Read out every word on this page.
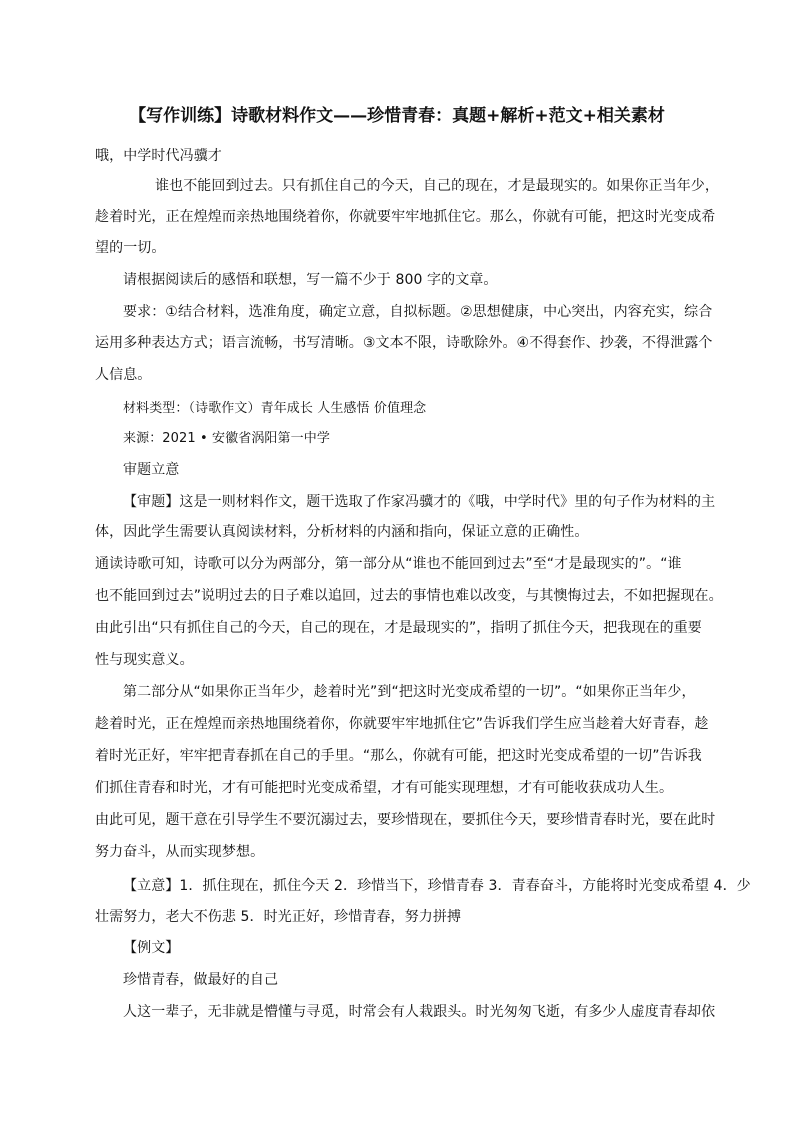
【写作训练】诗歌材料作文——珍惜青春：真题+解析+范文+相关素材
哦，中学时代冯骥才
谁也不能回到过去。只有抓住自己的今天，自己的现在，才是最现实的。如果你正当年少，
趁着时光，正在煌煌而亲热地围绕着你，你就要牢牢地抓住它。那么，你就有可能，把这时光变成希
望的一切。
请根据阅读后的感悟和联想，写一篇不少于 800 字的文章。
要求：①结合材料，选准角度，确定立意，自拟标题。②思想健康，中心突出，内容充实，综合
运用多种表达方式；语言流畅，书写清晰。③文本不限，诗歌除外。④不得套作、抄袭，不得泄露个
人信息。
材料类型：（诗歌作文）青年成长 人生感悟 价值理念
来源：2021 • 安徽省涡阳第一中学
审题立意
【审题】这是一则材料作文，题干选取了作家冯骥才的《哦，中学时代》里的句子作为材料的主
体，因此学生需要认真阅读材料，分析材料的内涵和指向，保证立意的正确性。
通读诗歌可知，诗歌可以分为两部分，第一部分从“谁也不能回到过去”至“才是最现实的”。“谁
也不能回到过去”说明过去的日子难以追回，过去的事情也难以改变，与其懊悔过去，不如把握现在。
由此引出“只有抓住自己的今天，自己的现在，才是最现实的”，指明了抓住今天，把我现在的重要
性与现实意义。
第二部分从“如果你正当年少，趁着时光”到“把这时光变成希望的一切”。“如果你正当年少，
趁着时光，正在煌煌而亲热地围绕着你，你就要牢牢地抓住它”告诉我们学生应当趁着大好青春，趁
着时光正好，牢牢把青春抓在自己的手里。“那么，你就有可能，把这时光变成希望的一切”告诉我
们抓住青春和时光，才有可能把时光变成希望，才有可能实现理想，才有可能收获成功人生。
由此可见，题干意在引导学生不要沉溺过去，要珍惜现在，要抓住今天，要珍惜青春时光，要在此时
努力奋斗，从而实现梦想。
【立意】1．抓住现在，抓住今天 2．珍惜当下，珍惜青春 3．青春奋斗，方能将时光变成希望 4．少
壮需努力，老大不伤悲 5．时光正好，珍惜青春，努力拼搏
【例文】
珍惜青春，做最好的自己
人这一辈子，无非就是懵懂与寻觅，时常会有人栽跟头。时光匆匆飞逝，有多少人虚度青春却依
